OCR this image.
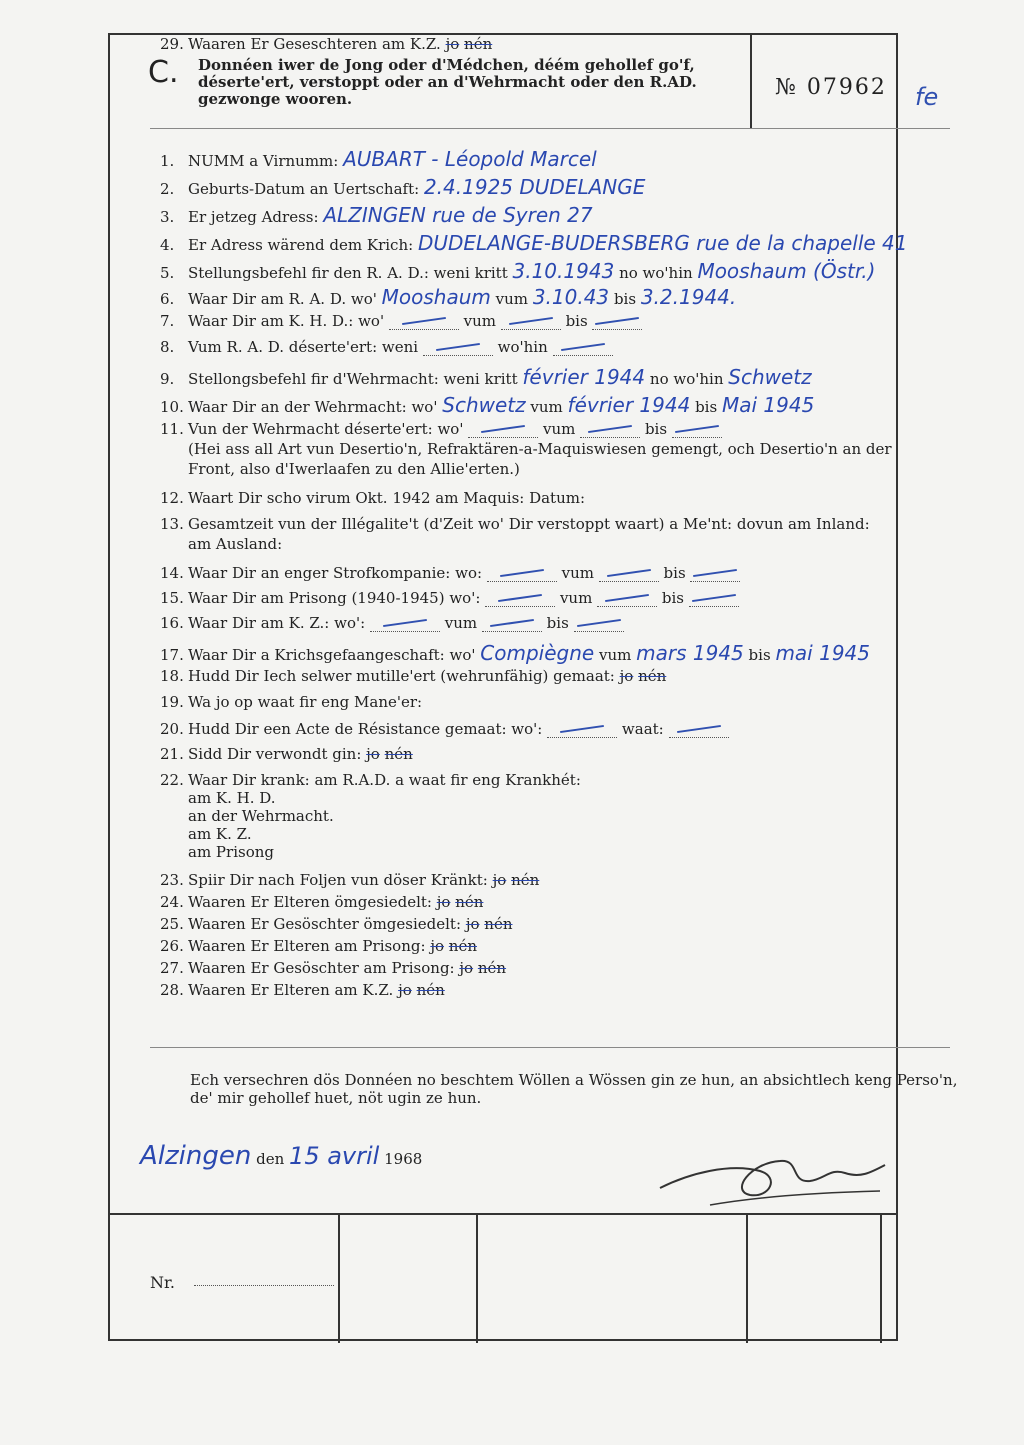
C. Donnéen iwer de Jong oder d'Médchen, déém gehollef go'f, déserte'ert, verstoppt oder an d'Wehrmacht oder den R.AD. gezwonge wooren.	№ 07962 fe
1. NUMM a Virnumm: AUBART - Léopold Marcel
2. Geburts-Datum an Uertschaft: 2.4.1925 DUDELANGE
3. Er jetzeg Adress: ALZINGEN rue de Syren 27
4. Er Adress wärend dem Krich: DUDELANGE-BUDERSBERG rue de la chapelle 41
5. Stellungsbefehl fir den R. A. D.: weni kritt 3.10.1943 no wo'hin Mooshaum (Östr.)
6. Waar Dir am R. A. D. wo' Mooshaum vum 3.10.43 bis 3.2.1944.
7. Waar Dir am K. H. D.: wo'	vum	bis
8. Vum R. A. D. déserte'ert: weni	wo'hin
9. Stellongsbefehl fir d'Wehrmacht: weni kritt février 1944 no wo'hin Schwetz
10. Waar Dir an der Wehrmacht: wo' Schwetz vum février 1944 bis Mai 1945
11. Vun der Wehrmacht déserte'ert: wo'	vum	bis
(Hei ass all Art vun Desertio'n, Refraktären-a-Maquiswiesen gemengt, och Desertio'n an der
Front, also d'Iwerlaafen zu den Allie'erten.)
12. Waart Dir scho virum Okt. 1942 am Maquis: Datum:
13. Gesamtzeit vun der Illégalite't (d'Zeit wo' Dir verstoppt waart) a Me'nt: dovun am Inland:
am Ausland:
14. Waar Dir an enger Strofkompanie: wo:	vum	bis
15. Waar Dir am Prisong (1940-1945) wo':	vum	bis
16. Waar Dir am K. Z.: wo':	vum	bis
17. Waar Dir a Krichsgefaangeschaft: wo' Compiègne vum mars 1945 bis mai 1945
18. Hudd Dir Iech selwer mutille'ert (wehrunfähig) gemaat: jo nén
19. Wa jo op waat fir eng Mane'er:
20. Hudd Dir een Acte de Résistance gemaat: wo':	waat:
21. Sidd Dir verwondt gin: jo nén
22. Waar Dir krank: am R.A.D. a waat fir eng Krankhét:
am K. H. D.
an der Wehrmacht.
am K. Z.
am Prisong
23. Spiir Dir nach Foljen vun döser Kränkt: jo nén
24. Waaren Er Elteren ömgesiedelt: jo nén
25. Waaren Er Gesöschter ömgesiedelt: jo nén
26. Waaren Er Elteren am Prisong: jo nén
27. Waaren Er Gesöschter am Prisong: jo nén
28. Waaren Er Elteren am K.Z. jo nén
29. Waaren Er Geseschteren am K.Z. jo nén
Ech versechren dös Donnéen no beschtem Wöllen a Wössen gin ze hun, an absichtlech keng Perso'n, de' mir gehollef huet, nöt ugin ze hun.
Alzingen den 15 avril 1968
Nr.
